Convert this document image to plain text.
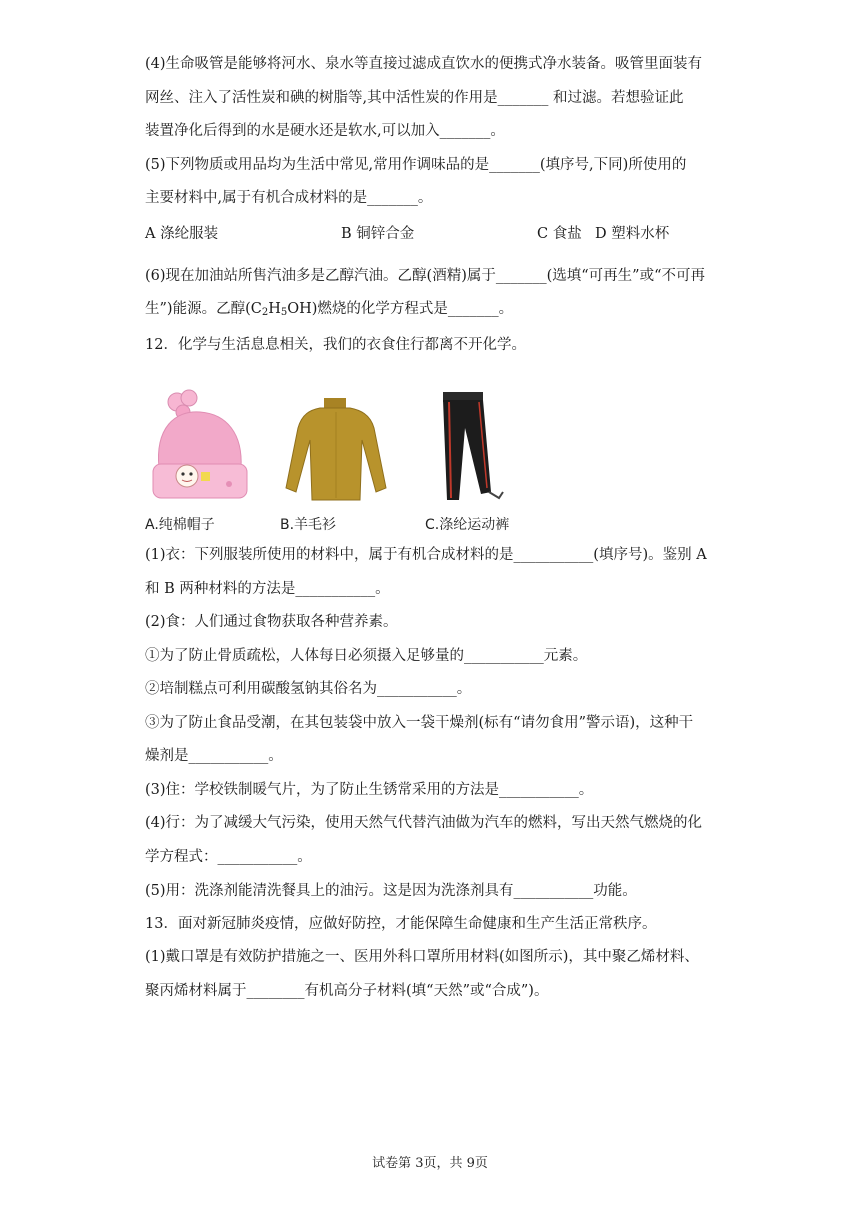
(4)生命吸管是能够将河水、泉水等直接过滤成直饮水的便携式净水装备。吸管里面装有
网丝、注入了活性炭和碘的树脂等,其中活性炭的作用是_______ 和过滤。若想验证此
装置净化后得到的水是硬水还是软水,可以加入_______。
(5)下列物质或用品均为生活中常见,常用作调味品的是_______(填序号,下同)所使用的
主要材料中,属于有机合成材料的是_______。
A 涤纶服装	B 铜锌合金	C 食盐 D 塑料水杯
(6)现在加油站所售汽油多是乙醇汽油。乙醇(酒精)属于_______(选填“可再生”或“不可再
生”)能源。乙醇$(C_2H_5OH)$燃烧的化学方程式是_______。
12．化学与生活息息相关，我们的衣食住行都离不开化学。
A.纯棉帽子	B.羊毛衫	C.涤纶运动裤
(1)衣：下列服装所使用的材料中，属于有机合成材料的是___________(填序号)。鉴别 A
和 B 两种材料的方法是___________。
(2)食：人们通过食物获取各种营养素。
①为了防止骨质疏松，人体每日必须摄入足够量的___________元素。
②培制糕点可利用碳酸氢钠其俗名为___________。
③为了防止食品受潮，在其包装袋中放入一袋干燥剂(标有“请勿食用”警示语)，这种干
燥剂是___________。
(3)住：学校铁制暖气片，为了防止生锈常采用的方法是___________。
(4)行：为了减缓大气污染，使用天然气代替汽油做为汽车的燃料，写出天然气燃烧的化
学方程式：___________。
(5)用：洗涤剂能清洗餐具上的油污。这是因为洗涤剂具有___________功能。
13．面对新冠肺炎疫情，应做好防控，才能保障生命健康和生产生活正常秩序。
(1)戴口罩是有效防护措施之一、医用外科口罩所用材料(如图所示)，其中聚乙烯材料、
聚丙烯材料属于________有机高分子材料(填“天然”或“合成”)。
试卷第 3页，共 9页
